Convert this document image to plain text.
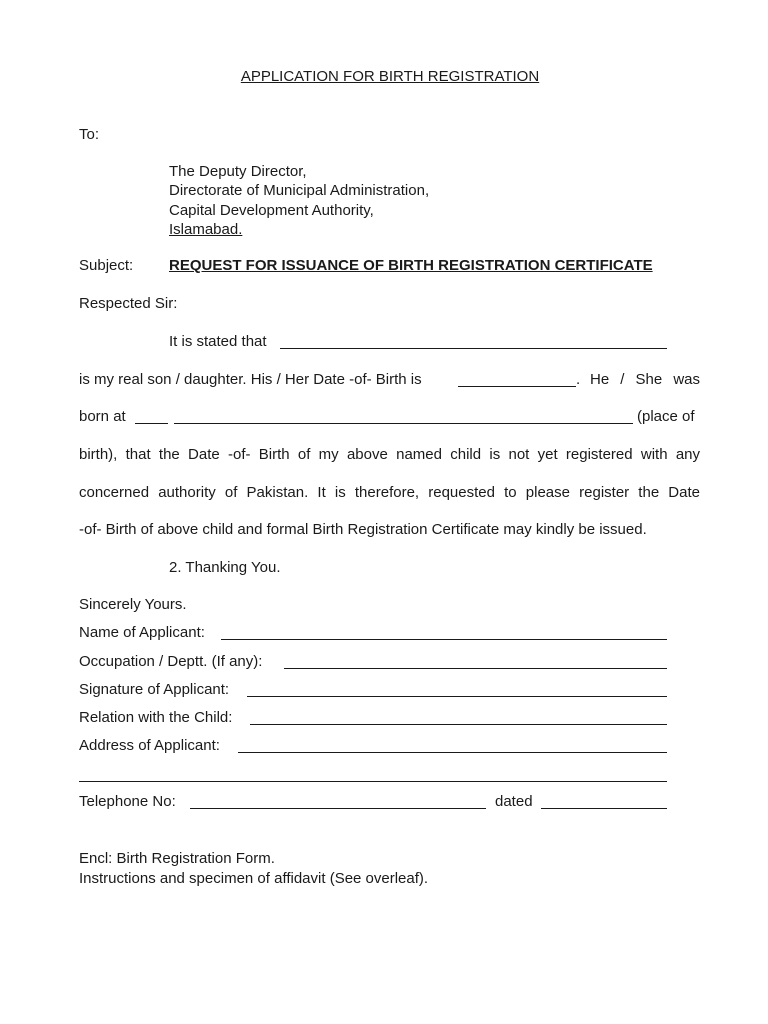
APPLICATION FOR BIRTH REGISTRATION
To:
The Deputy Director,
Directorate of Municipal Administration,
Capital Development Authority,
Islamabad.
Subject: REQUEST FOR ISSUANCE OF BIRTH REGISTRATION CERTIFICATE
Respected Sir:
It is stated that
is my real son / daughter. His / Her Date -of- Birth is	. He / She was
born at	(place of
birth), that the Date -of- Birth of my above named child is not yet registered with any
concerned authority of Pakistan. It is therefore, requested to please register the Date
-of- Birth of above child and formal Birth Registration Certificate may kindly be issued.
2. Thanking You.
Sincerely Yours.
Name of Applicant:
Occupation / Deptt. (If any):
Signature of Applicant:
Relation with the Child:
Address of Applicant:
Telephone No:	dated
Encl: Birth Registration Form.
Instructions and specimen of affidavit (See overleaf).
